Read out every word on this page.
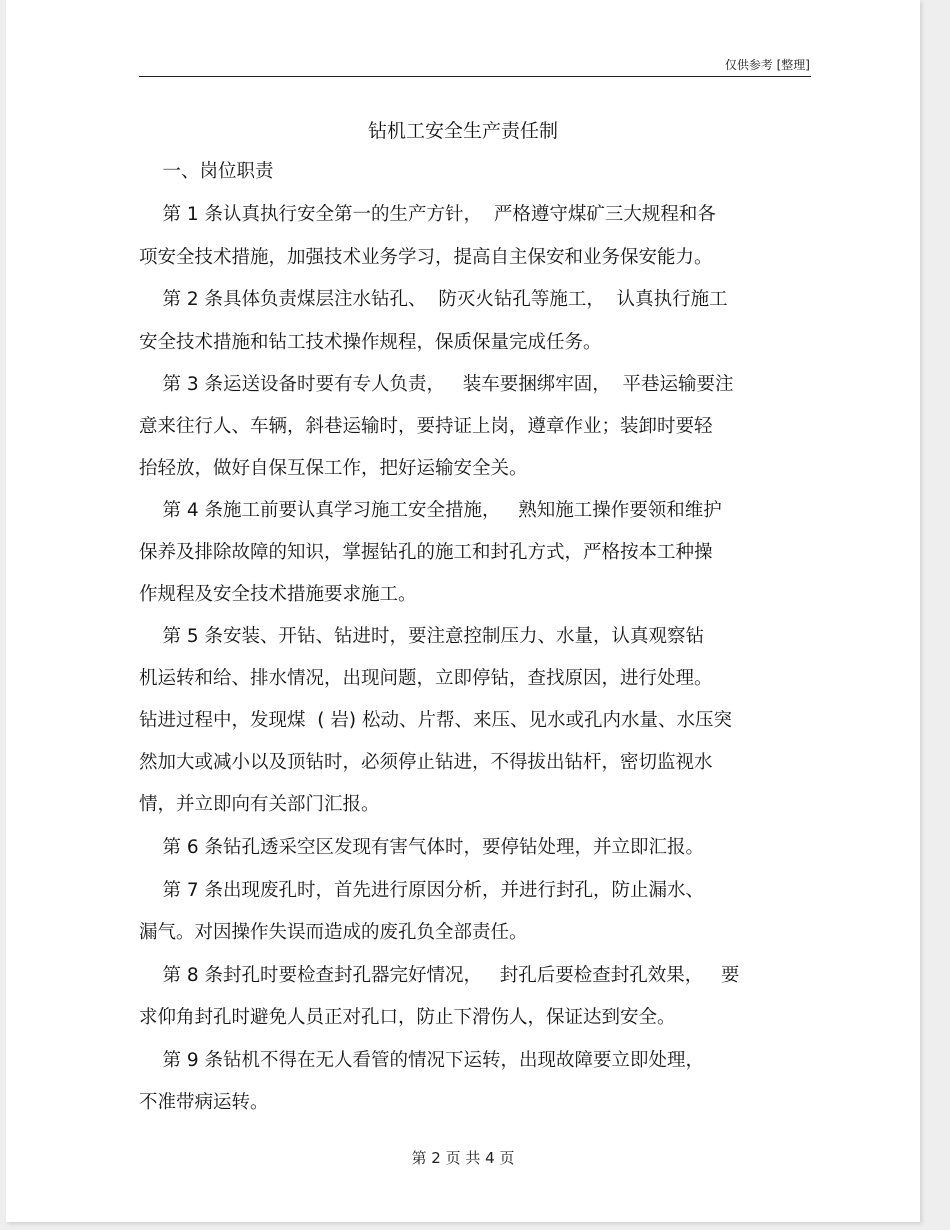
仅供参考 [整理]
钻机工安全生产责任制
一、岗位职责
第 1 条认真执行安全第一的生产方针，  严格遵守煤矿三大规程和各
项安全技术措施，加强技术业务学习，提高自主保安和业务保安能力。
第 2 条具体负责煤层注水钻孔、  防灭火钻孔等施工，  认真执行施工
安全技术措施和钻工技术操作规程，保质保量完成任务。
第 3 条运送设备时要有专人负责，   装车要捆绑牢固，  平巷运输要注
意来往行人、车辆，斜巷运输时，要持证上岗，遵章作业；装卸时要轻
抬轻放，做好自保互保工作，把好运输安全关。
第 4 条施工前要认真学习施工安全措施，   熟知施工操作要领和维护
保养及排除故障的知识，掌握钻孔的施工和封孔方式，严格按本工种操
作规程及安全技术措施要求施工。
第 5 条安装、开钻、钻进时，要注意控制压力、水量，认真观察钻
机运转和给、排水情况，出现问题，立即停钻，查找原因，进行处理。
钻进过程中，发现煤  ( 岩) 松动、片帮、来压、见水或孔内水量、水压突
然加大或减小以及顶钻时，必须停止钻进，不得拔出钻杆，密切监视水
情，并立即向有关部门汇报。
第 6 条钻孔透采空区发现有害气体时，要停钻处理，并立即汇报。
第 7 条出现废孔时，首先进行原因分析，并进行封孔，防止漏水、
漏气。对因操作失误而造成的废孔负全部责任。
第 8 条封孔时要检查封孔器完好情况，   封孔后要检查封孔效果，   要
求仰角封孔时避免人员正对孔口，防止下滑伤人，保证达到安全。
第 9 条钻机不得在无人看管的情况下运转，出现故障要立即处理，
不准带病运转。
第 2 页 共 4 页
